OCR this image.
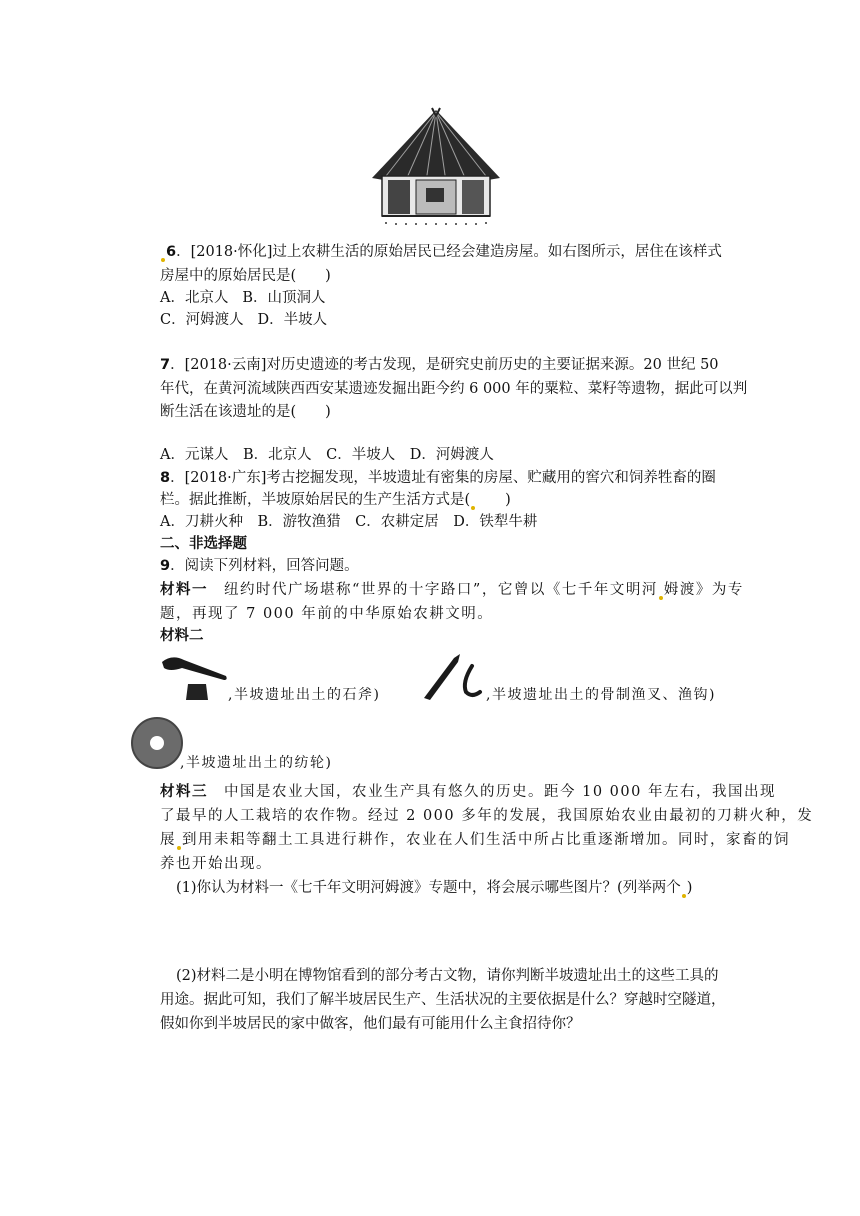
6．[2018·怀化]过上农耕生活的原始居民已经会建造房屋。如右图所示，居住在该样式
房屋中的原始居民是(　　)
A．北京人 B．山顶洞人
C．河姆渡人 D．半坡人
7．[2018·云南]对历史遗迹的考古发现，是研究史前历史的主要证据来源。20 世纪 50
年代，在黄河流域陕西西安某遗迹发掘出距今约 6 000 年的粟粒、菜籽等遗物，据此可以判
断生活在该遗址的是(　　)
A．元谋人　B．北京人　C．半坡人　D．河姆渡人
8．[2018·广东]考古挖掘发现，半坡遗址有密集的房屋、贮藏用的窖穴和饲养牲畜的圈
栏。据此推断，半坡原始居民的生产生活方式是(　　)
A．刀耕火种　B．游牧渔猎　C．农耕定居　D．铁犁牛耕
二、非选择题
9．阅读下列材料，回答问题。
材料一　纽约时代广场堪称“世界的十字路口”，它曾以《七千年文明河 姆渡》为专
题，再现了 7 000 年前的中华原始农耕文明。
材料二
,半坡遗址出土的石斧)	,半坡遗址出土的骨制渔叉、渔钩)
,半坡遗址出土的纺轮)
材料三　中国是农业大国，农业生产具有悠久的历史。距今 10 000 年左右，我国出现
了最早的人工栽培的农作物。经过 2 000 多年的发展，我国原始农业由最初的刀耕火种，发
展 到用耒耜等翻土工具进行耕作，农业在人们生活中所占比重逐渐增加。同时，家畜的饲
养也开始出现。
(1)你认为材料一《七千年文明河姆渡》专题中，将会展示哪些图片？(列举两个 )
(2)材料二是小明在博物馆看到的部分考古文物，请你判断半坡遗址出土的这些工具的
用途。据此可知，我们了解半坡居民生产、生活状况的主要依据是什么？穿越时空隧道，
假如你到半坡居民的家中做客，他们最有可能用什么主食招待你？
